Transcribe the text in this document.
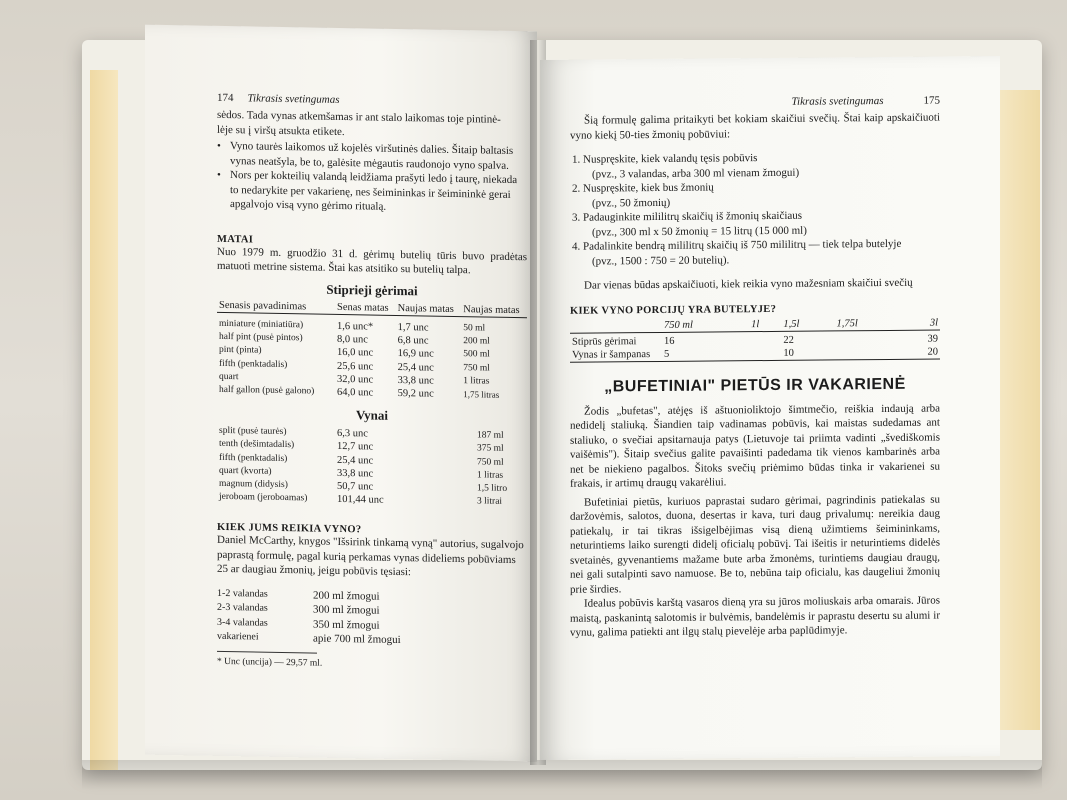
174 Tikrasis svetingumas
sėdos. Tada vynas atkemšamas ir ant stalo laikomas toje pintinė-
lėje su į viršų atsukta etikete.
• Vyno taurės laikomos už kojelės viršutinės dalies. Šitaip baltasis vynas neatšyla, be to, galėsite mėgautis raudonojo vyno spalva.
• Nors per kokteilių valandą leidžiama prašyti ledo į taurę, niekada to nedarykite per vakarienę, nes šeimininkas ir šeimininkė gerai apgalvojo visą vyno gėrimo ritualą.
MATAI
Nuo 1979 m. gruodžio 31 d. gėrimų butelių tūris buvo pradėtas matuoti metrine sistema. Štai kas atsitiko su butelių talpa.
Stiprieji gėrimai
Senasis pavadinimas	Senas matas	Naujas matas	Naujas matas

miniature (miniatiūra)	1,6 unc*	1,7 unc	50 ml
half pint (pusė pintos)	8,0 unc	6,8 unc	200 ml
pint (pinta)	16,0 unc	16,9 unc	500 ml
fifth (penktadalis)	25,6 unc	25,4 unc	750 ml
quart	32,0 unc	33,8 unc	1 litras
half gallon (pusė galono)	64,0 unc	59,2 unc	1,75 litras
Vynai
split (pusė taurės)	6,3 unc	187 ml
tenth (dešimtadalis)	12,7 unc	375 ml
fifth (penktadalis)	25,4 unc	750 ml
quart (kvorta)	33,8 unc	1 litras
magnum (didysis)	50,7 unc	1,5 litro
jeroboam (jeroboamas)	101,44 unc	3 litrai
KIEK JUMS REIKIA VYNO?
Daniel McCarthy, knygos "Išsirink tinkamą vyną" autorius, sugalvojo paprastą formulę, pagal kurią perkamas vynas dideliems pobūviams 25 ar daugiau žmonių, jeigu pobūvis tęsiasi:
1-2 valandas	200 ml žmogui
2-3 valandas	300 ml žmogui
3-4 valandas	350 ml žmogui
vakarienei	apie 700 ml žmogui
* Unc (uncija) — 29,57 ml.
Tikrasis svetingumas	175
Šią formulę galima pritaikyti bet kokiam skaičiui svečių. Štai kaip apskaičiuoti vyno kiekį 50-ties žmonių pobūviui:
1. Nuspręskite, kiek valandų tęsis pobūvis
(pvz., 3 valandas, arba 300 ml vienam žmogui)
2. Nuspręskite, kiek bus žmonių
(pvz., 50 žmonių)
3. Padauginkite mililitrų skaičių iš žmonių skaičiaus
(pvz., 300 ml x 50 žmonių = 15 litrų (15 000 ml)
4. Padalinkite bendrą mililitrų skaičių iš 750 mililitrų — tiek telpa butelyje
(pvz., 1500 : 750 = 20 butelių).
Dar vienas būdas apskaičiuoti, kiek reikia vyno mažesniam skaičiui svečių
KIEK VYNO PORCIJŲ YRA BUTELYJE?
	750 ml	1l	1,5l	1,75l	3l

Stiprūs gėrimai	16		22		39
Vynas ir šampanas	5		10		20

„BUFETINIAI" PIETŪS IR VAKARIENĖ
Žodis „bufetas", atėjęs iš aštuonioliktojo šimtmečio, reiškia indaują arba nedidelį staliuką. Šiandien taip vadinamas pobūvis, kai maistas sudedamas ant staliuko, o svečiai apsitarnauja patys (Lietuvoje tai priimta vadinti „švediškomis vaišėmis"). Šitaip svečius galite pavaišinti padedama tik vienos kambarinės arba net be niekieno pagalbos. Šitoks svečių priėmimo būdas tinka ir vakarienei su frakais, ir artimų draugų vakarėliui.
Bufetiniai pietūs, kuriuos paprastai sudaro gėrimai, pagrindinis patiekalas su daržovėmis, salotos, duona, desertas ir kava, turi daug privalumų: nereikia daug patiekalų, ir tai tikras išsigelbėjimas visą dieną užimtiems šeimininkams, neturintiems laiko surengti didelį oficialų pobūvį. Tai išeitis ir neturintiems didelės svetainės, gyvenantiems mažame bute arba žmonėms, turintiems daugiau draugų, nei gali sutalpinti savo namuose. Be to, nebūna taip oficialu, kas daugeliui žmonių prie širdies.
Idealus pobūvis karštą vasaros dieną yra su jūros moliuskais arba omarais. Jūros maistą, paskanintą salotomis ir bulvėmis, bandelėmis ir paprastu desertu su alumi ir vynu, galima patiekti ant ilgų stalų pievelėje arba paplūdimyje.
